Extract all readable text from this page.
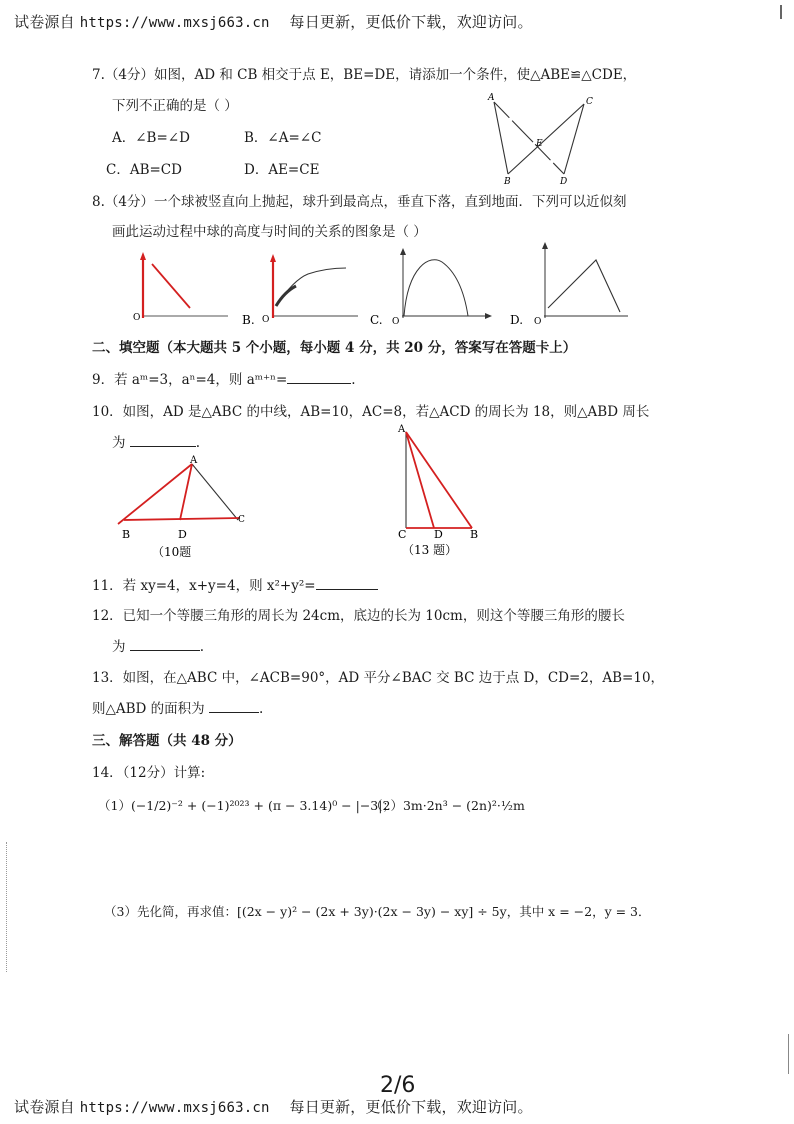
试卷源自 https://www.mxsj663.cn 每日更新，更低价下载，欢迎访问。
7.（4分）如图，AD 和 CB 相交于点 E，BE=DE，请添加一个条件，使△ABE≌△CDE，
下列不正确的是（ ）
A．∠B=∠D	B．∠A=∠C
C．AB=CD	D．AE=CE
A	C
E
B	D
8.（4分）一个球被竖直向上抛起，球升到最高点，垂直下落，直到地面．下列可以近似刻
画此运动过程中球的高度与时间的关系的图象是（ ）
O	B. O	C. O	D. O
二、填空题（本大题共 5 个小题，每小题 4 分，共 20 分，答案写在答题卡上）
9．若 aᵐ=3，aⁿ=4，则 aᵐ⁺ⁿ=	.
10．如图，AD 是△ABC 的中线，AB=10，AC=8，若△ACD 的周长为 18，则△ABD 周长
为	.
A
B	D
C
（10题
A
C	D B
（13 题）
11．若 xy=4，x+y=4，则 x²+y²=
12．已知一个等腰三角形的周长为 24cm，底边的长为 10cm，则这个等腰三角形的腰长
为	.
13．如图，在△ABC 中，∠ACB=90°，AD 平分∠BAC 交 BC 边于点 D，CD=2，AB=10，
则△ABD 的面积为	.
三、解答题（共 48 分）
14．（12分）计算:
（1）(−1/2)⁻² + (−1)²⁰²³ + (π − 3.14)⁰ − |−3|；
（2）3m·2n³ − (2n)²·½m
（3）先化简，再求值：[(2x − y)² − (2x + 3y)·(2x − 3y) − xy] ÷ 5y，其中 x = −2，y = 3．
2/6
试卷源自 https://www.mxsj663.cn 每日更新，更低价下载，欢迎访问。
